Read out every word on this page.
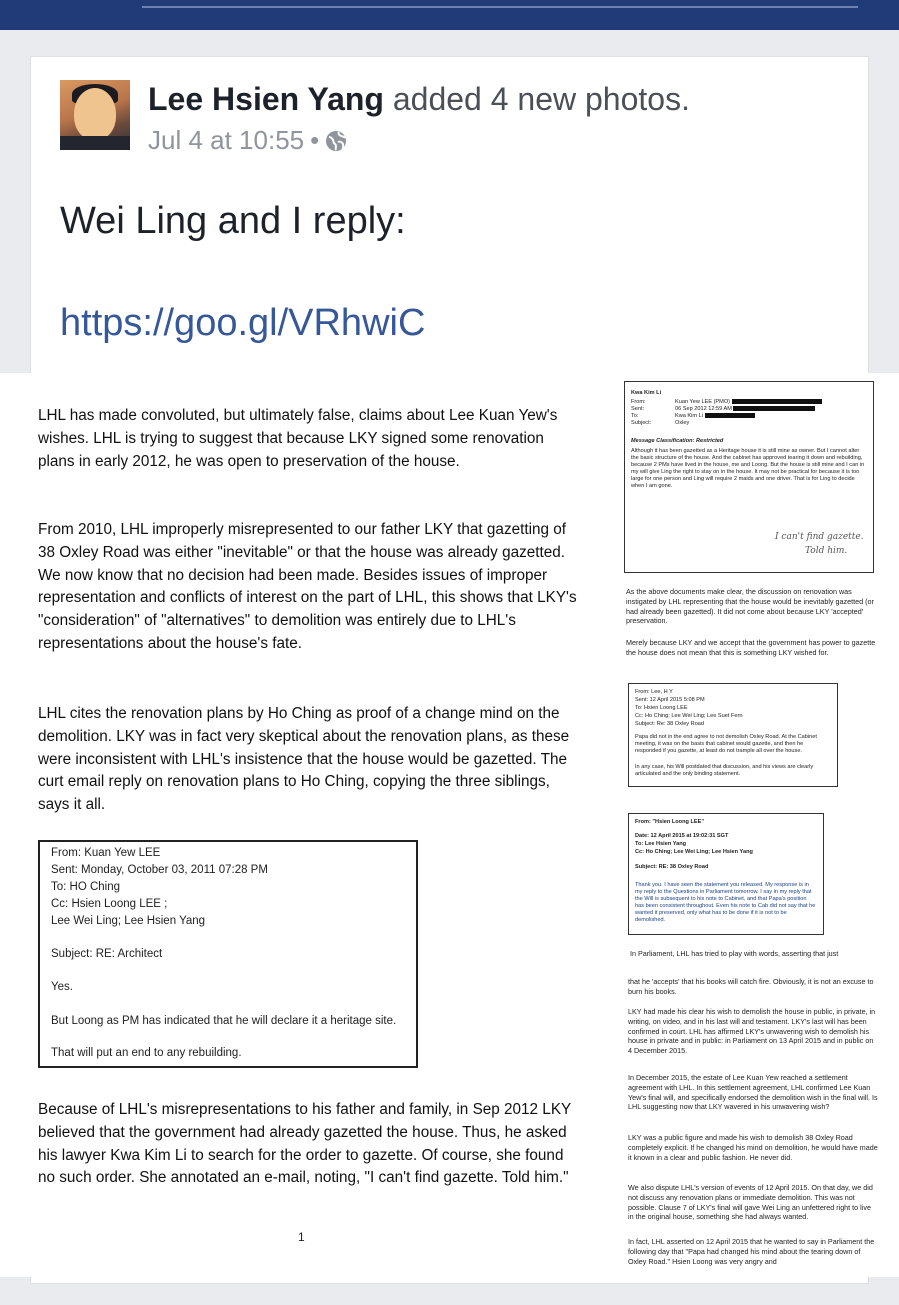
Lee Hsien Yang added 4 new photos.
Jul 4 at 10:55 •
Wei Ling and I reply:
https://goo.gl/VRhwiC
LHL has made convoluted, but ultimately false, claims about Lee Kuan Yew's wishes. LHL is trying to suggest that because LKY signed some renovation plans in early 2012, he was open to preservation of the house.
From 2010, LHL improperly misrepresented to our father LKY that gazetting of 38 Oxley Road was either "inevitable" or that the house was already gazetted. We now know that no decision had been made. Besides issues of improper representation and conflicts of interest on the part of LHL, this shows that LKY's "consideration" of "alternatives" to demolition was entirely due to LHL's representations about the house's fate.
LHL cites the renovation plans by Ho Ching as proof of a change mind on the demolition. LKY was in fact very skeptical about the renovation plans, as these were inconsistent with LHL's insistence that the house would be gazetted. The curt email reply on renovation plans to Ho Ching, copying the three siblings, says it all.
From: Kuan Yew LEE
Sent: Monday, October 03, 2011 07:28 PM
To: HO Ching
Cc: Hsien Loong LEE ;
Lee Wei Ling; Lee Hsien Yang
Subject: RE: Architect
Yes.
But Loong as PM has indicated that he will declare it a heritage site.
That will put an end to any rebuilding.
Because of LHL's misrepresentations to his father and family, in Sep 2012 LKY believed that the government had already gazetted the house. Thus, he asked his lawyer Kwa Kim Li to search for the order to gazette. Of course, she found no such order. She annotated an e-mail, noting, "I can't find gazette. Told him."
1
Kwa Kim Li
From:
Sent:
To:
Subject:
Kuan Yew LEE (PMO)
06 Sep 2012 12:59 AM
Kwa Kim Li
Oxley
Message Classification: Restricted
Although it has been gazetted as a Heritage house it is still mine as owner. But I cannot alter the basic structure of the house. And the cabinet has approved tearing it down and rebuilding, because 2 PMs have lived in the house, me and Loong. But the house is still mine and I can in my will give Ling the right to stay on in the house. It may not be practical for because it is too large for one person and Ling will require 2 maids and one driver. That is for Ling to decide when I am gone.
I can't find gazette.
Told him.
As the above documents make clear, the discussion on renovation was instigated by LHL representing that the house would be inevitably gazetted (or had already been gazetted). It did not come about because LKY 'accepted' preservation.
Merely because LKY and we accept that the government has power to gazette the house does not mean that this is something LKY wished for.
From: Lee, H Y
Sent: 12 April 2015 5:08 PM
To: Hsien Loong LEE
Cc: Ho Ching; Lee Wei Ling; Lee Suet Fern
Subject: Re: 38 Oxley Road
Papa did not in the end agree to not demolish Oxley Road. At the Cabinet meeting, it was on the basis that cabinet would gazette, and then he responded if you gazette, at least do not trample all over the house.
In any case, his Will postdated that discussion, and his views are clearly articulated and the only binding statement.
From: "Hsien Loong LEE"
Date: 12 April 2015 at 19:02:31 SGT
To: Lee Hsien Yang
Cc: Ho Ching; Lee Wei Ling; Lee Hsien Yang
Subject: RE: 38 Oxley Road
Thank you. I have seen the statement you released. My response is in my reply to the Questions in Parliament tomorrow. I say in my reply that the Will is subsequent to his note to Cabinet, and that Papa's position has been consistent throughout. Even his note to Cab did not say that he wanted it preserved, only what has to be done if it is not to be demolished.
In Parliament, LHL has tried to play with words, asserting that just
that he 'accepts' that his books will catch fire. Obviously, it is not an excuse to burn his books.
LKY had made his clear his wish to demolish the house in public, in private, in writing, on video, and in his last will and testament. LKY's last will has been confirmed in court. LHL has affirmed LKY's unwavering wish to demolish his house in private and in public: in Parliament on 13 April 2015 and in public on 4 December 2015.
In December 2015, the estate of Lee Kuan Yew reached a settlement agreement with LHL. In this settlement agreement, LHL confirmed Lee Kuan Yew's final will, and specifically endorsed the demolition wish in the final will. Is LHL suggesting now that LKY wavered in his unwavering wish?
LKY was a public figure and made his wish to demolish 38 Oxley Road completely explicit. If he changed his mind on demolition, he would have made it known in a clear and public fashion. He never did.
We also dispute LHL's version of events of 12 April 2015. On that day, we did not discuss any renovation plans or immediate demolition. This was not possible. Clause 7 of LKY's final will gave Wei Ling an unfettered right to live in the original house, something she had always wanted.
In fact, LHL asserted on 12 April 2015 that he wanted to say in Parliament the following day that "Papa had changed his mind about the tearing down of Oxley Road." Hsien Loong was very angry and
